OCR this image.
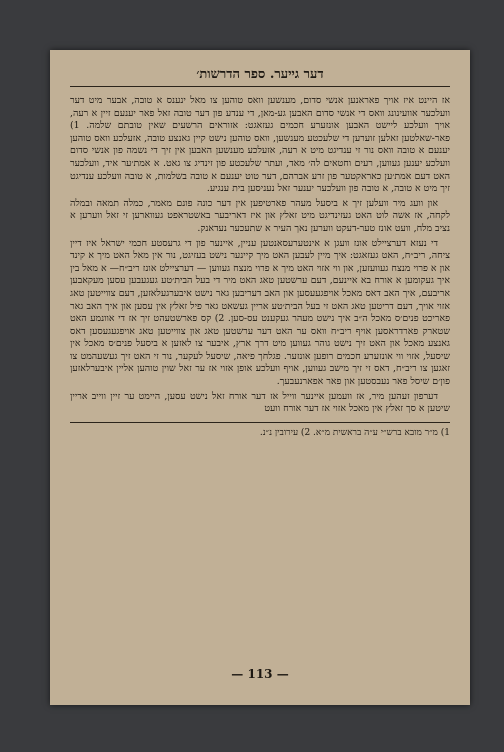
דער גײער. ספר הדרשות׳

אז היינט איז אויך פאראנען אנשי סדום, מענשען וואס טוהען צו מאל ינענס א טובה, אבער מיט דער וועלכער אוועינונג וואס די אנשי סדום האבען גע-מאן, די ענדע פון דער טובה זאל פאר יענעם זיין א רעה, אויך וועלכע ליישט האבען אונזערע חכמים געזאגט: אזוראים הרשעים שאין טובתם שלמה. 1) פאר-שאלטען זאלען זוערען די שלעכטע מענשען, וואס טוהען נישט קיין גאנצע טובה, אזעלכע וואס טוהען יענעם א טובה וואס נור זי ענדיגט מיט א רעה, אזעלכע מענשען האבען אין זיך די נשמה פון אנשי סדום וועלכע יענען געווען, רעים וחטאים לה׳ מאד, ועתר שלעכטע פון זינדיג צו גאט. א אמת׳ער איד, וועלכער האט דעם אמת׳ען כאראקטער פון זרע אברהם, דער טוט יענעם א טובה בשלמות, א טובה וועלכע ענדיגט זיך מיט א טובה, א טובה פון וועלכער יענער זאל נעניסען בית ענגיע.

און וועג מיר וועלען זיך א ביסעל מעהר פארטיפען אין דער כונה פונם מאמר, כמלה תמאה ובמלה לקחה, אז אשה לוט האט געזינדיגט מיט זאלץ און איז דאריבער באשטראפט געווארען זי זאל ווערען א נציב מלח, וועט אונז טער-דעקט ווערען נאך העיר א שתעכער נעדאנק.

די נעזא דערציילט אונז וועגן א אינטערעסאנטען עניין, איינער פון די גרעסטע חכמי ישראל איז דיין ציחה, ריב״ח, האט געזאגט: איך מיין לעבען האט מיך קיינער נישט בעזיגט, נור אין מאל האט מיך א קינד און א פרוי מנצח געוועזען, און ווי אזוי האט מיך א פרוי מנצח געווען — דערציילט אונז ריב״ח— א מאל בין איך געקומען א אורח בא איינעם, דעם ערשטען טאג האט מיר די בעל הבית׳טע געגעבען עסען מעקאבען אריבעם, איך האב דאס מאכל אויפגעעסען און האב דעריבען גאר נישט איבערגעלאזען, דעם צווייטען טאג אזוי אויך, דעם דריטען טאג האט זי בעל הבית׳טע אריין געשאט גאר פיל זאלץ אין עסען און איך האב גאר פאריכט פנים׳ס מאכל ה״ב איך נישט מעהר געקענט עס-סען. 2) קס פארשטעהט זיך אז די אוונמע האט שטארק פארדראסען אויף ריב״ח וואס ער האט דער ערשטען טאג און צווייטען טאג אויפגעגעסען דאס גאנצע מאכל און האט זיך נישט גוהר געווען מיט דרך ארץ, איבער צו לאזען א ביסעל פנים׳ס מאכל אין שיסעל, אזוי ווי אונזערע חכמים רופען אונזער. פגלחך פיאה, שיסעל לעקער, נור זי האט זיך געשעהמט צו זאגען צו ריב״ח, דאס זי זיך מישב געווען, אויף וועלכע אופן אזוי אז ער זאל שוין טוהען אליין איבערלאזען פון׳ם שיסל פאר נעבסטען און פאר אפארנעבעך.

דערפון זעהען מיר, אז וועמען איינער ווייל אז דער אורח זאל נישט עסען, היימט ער זיין ווייב אריין שיטען א סך זאלץ אין מאכל אזוי אז דער אורח וועט

1) מ״ר מובא ברש״י ע״ה בראשית מ״א. 2) עירובין נ״נ.
— 113 —
